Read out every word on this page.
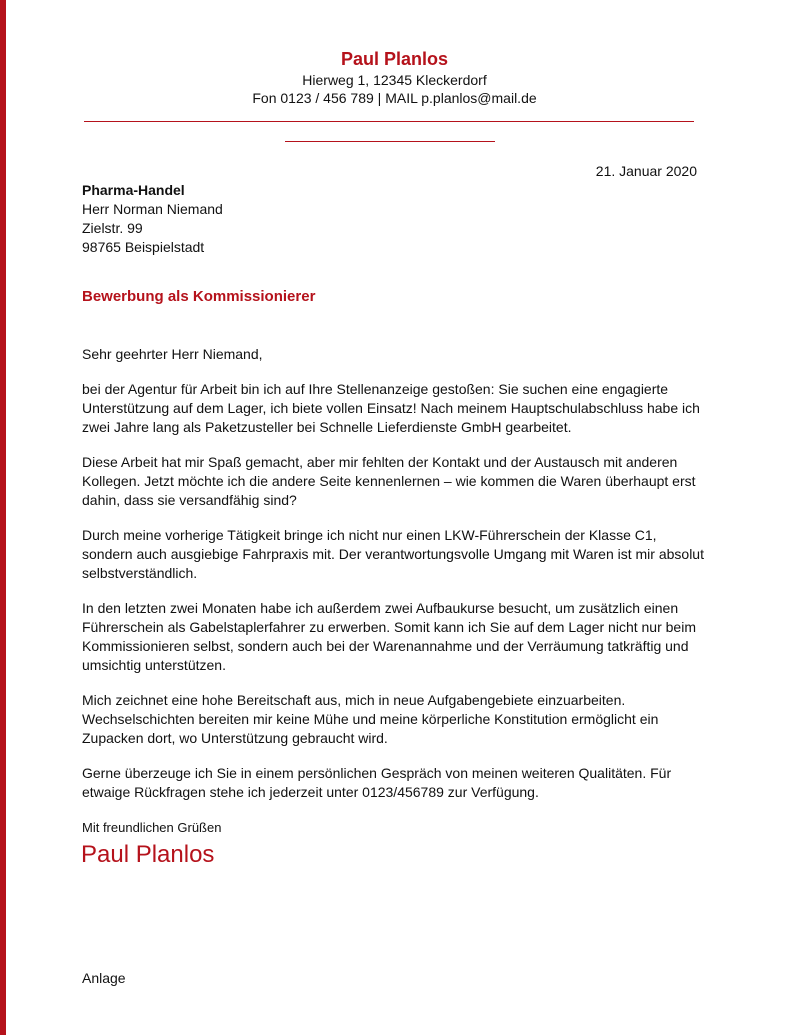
Paul Planlos
Hierweg 1, 12345 Kleckerdorf
Fon 0123 / 456 789 | MAIL p.planlos@mail.de
21. Januar 2020
Pharma-Handel
Herr Norman Niemand
Zielstr. 99
98765 Beispielstadt
Bewerbung als Kommissionierer

Sehr geehrter Herr Niemand,

bei der Agentur für Arbeit bin ich auf Ihre Stellenanzeige gestoßen: Sie suchen eine engagierte Unterstützung auf dem Lager, ich biete vollen Einsatz! Nach meinem Hauptschulabschluss habe ich zwei Jahre lang als Paketzusteller bei Schnelle Lieferdienste GmbH gearbeitet.

Diese Arbeit hat mir Spaß gemacht, aber mir fehlten der Kontakt und der Austausch mit anderen Kollegen. Jetzt möchte ich die andere Seite kennenlernen – wie kommen die Waren überhaupt erst dahin, dass sie versandfähig sind?

Durch meine vorherige Tätigkeit bringe ich nicht nur einen LKW-Führerschein der Klasse C1, sondern auch ausgiebige Fahrpraxis mit. Der verantwortungsvolle Umgang mit Waren ist mir absolut selbstverständlich.

In den letzten zwei Monaten habe ich außerdem zwei Aufbaukurse besucht, um zusätzlich einen Führerschein als Gabelstaplerfahrer zu erwerben. Somit kann ich Sie auf dem Lager nicht nur beim Kommissionieren selbst, sondern auch bei der Warenannahme und der Verräumung tatkräftig und umsichtig unterstützen.

Mich zeichnet eine hohe Bereitschaft aus, mich in neue Aufgabengebiete einzuarbeiten. Wechselschichten bereiten mir keine Mühe und meine körperliche Konstitution ermöglicht ein Zupacken dort, wo Unterstützung gebraucht wird.

Gerne überzeuge ich Sie in einem persönlichen Gespräch von meinen weiteren Qualitäten. Für etwaige Rückfragen stehe ich jederzeit unter 0123/456789 zur Verfügung.

Mit freundlichen Grüßen

Paul Planlos
Anlage
